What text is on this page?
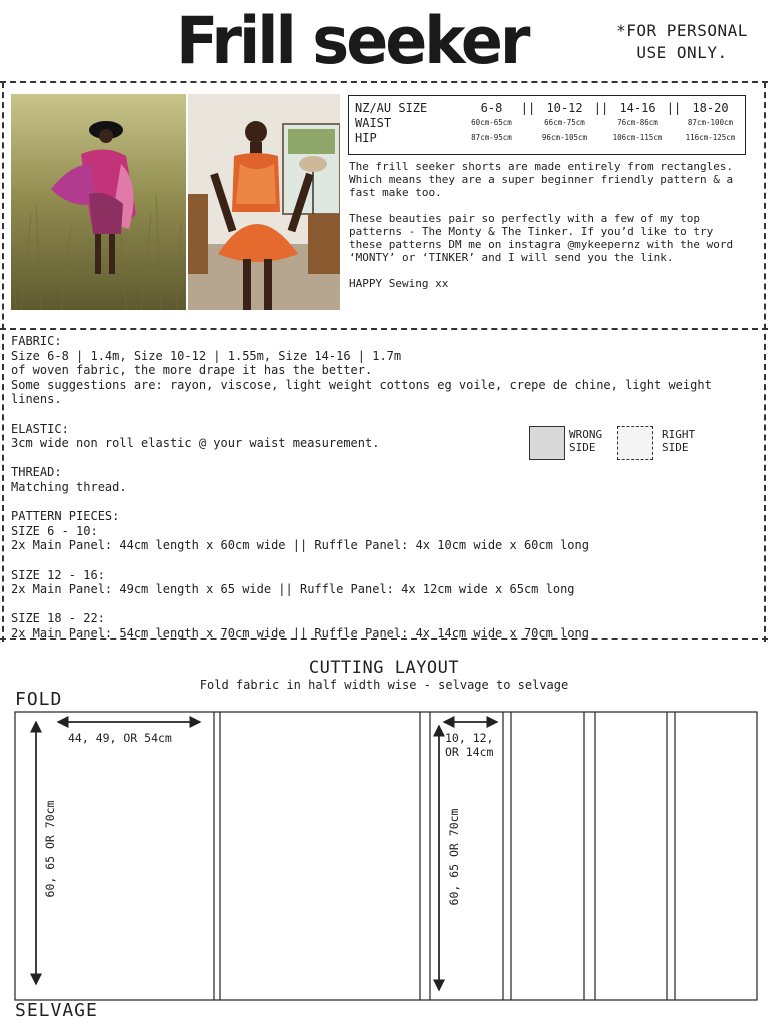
Frill seeker	*FOR PERSONAL
USE ONLY.
NZ/AU SIZE	6-8	|| 10-12 || 14-16 || 18-20
WAIST	60cm-65cm	66cm-75cm	76cm-86cm	87cm-100cm
HIP	87cm-95cm	96cm-105cm	106cm-115cm	116cm-125cm

The frill seeker shorts are made entirely from rectangles. Which means they are a super beginner friendly pattern & a fast make too.

These beauties pair so perfectly with a few of my top patterns - The Monty & The Tinker. If you’d like to try these patterns DM me on instagra @mykeepernz with the word ‘MONTY’ or ‘TINKER’ and I will send you the link.

HAPPY Sewing xx

FABRIC:
Size 6-8 | 1.4m, Size 10-12 | 1.55m, Size 14-16 | 1.7m
of woven fabric, the more drape it has the better.
Some suggestions are: rayon, viscose, light weight cottons eg voile, crepe de chine, light weight linens.
ELASTIC:
3cm wide non roll elastic @ your waist measurement.
THREAD:
Matching thread.
PATTERN PIECES:
SIZE 6 - 10:
2x Main Panel: 44cm length x 60cm wide || Ruffle Panel: 4x 10cm wide x 60cm long
SIZE 12 - 16:
2x Main Panel: 49cm length x 65 wide || Ruffle Panel: 4x 12cm wide x 65cm long
SIZE 18 - 22:
2x Main Panel: 54cm length x 70cm wide || Ruffle Panel: 4x 14cm wide x 70cm long
WRONG
SIDE
RIGHT
SIDE
CUTTING LAYOUT
Fold fabric in half width wise - selvage to selvage
FOLD
44, 49, OR 54cm	10, 12,
OR 14cm
60, 65 OR 70cm	60, 65 OR 70cm
SELVAGE
